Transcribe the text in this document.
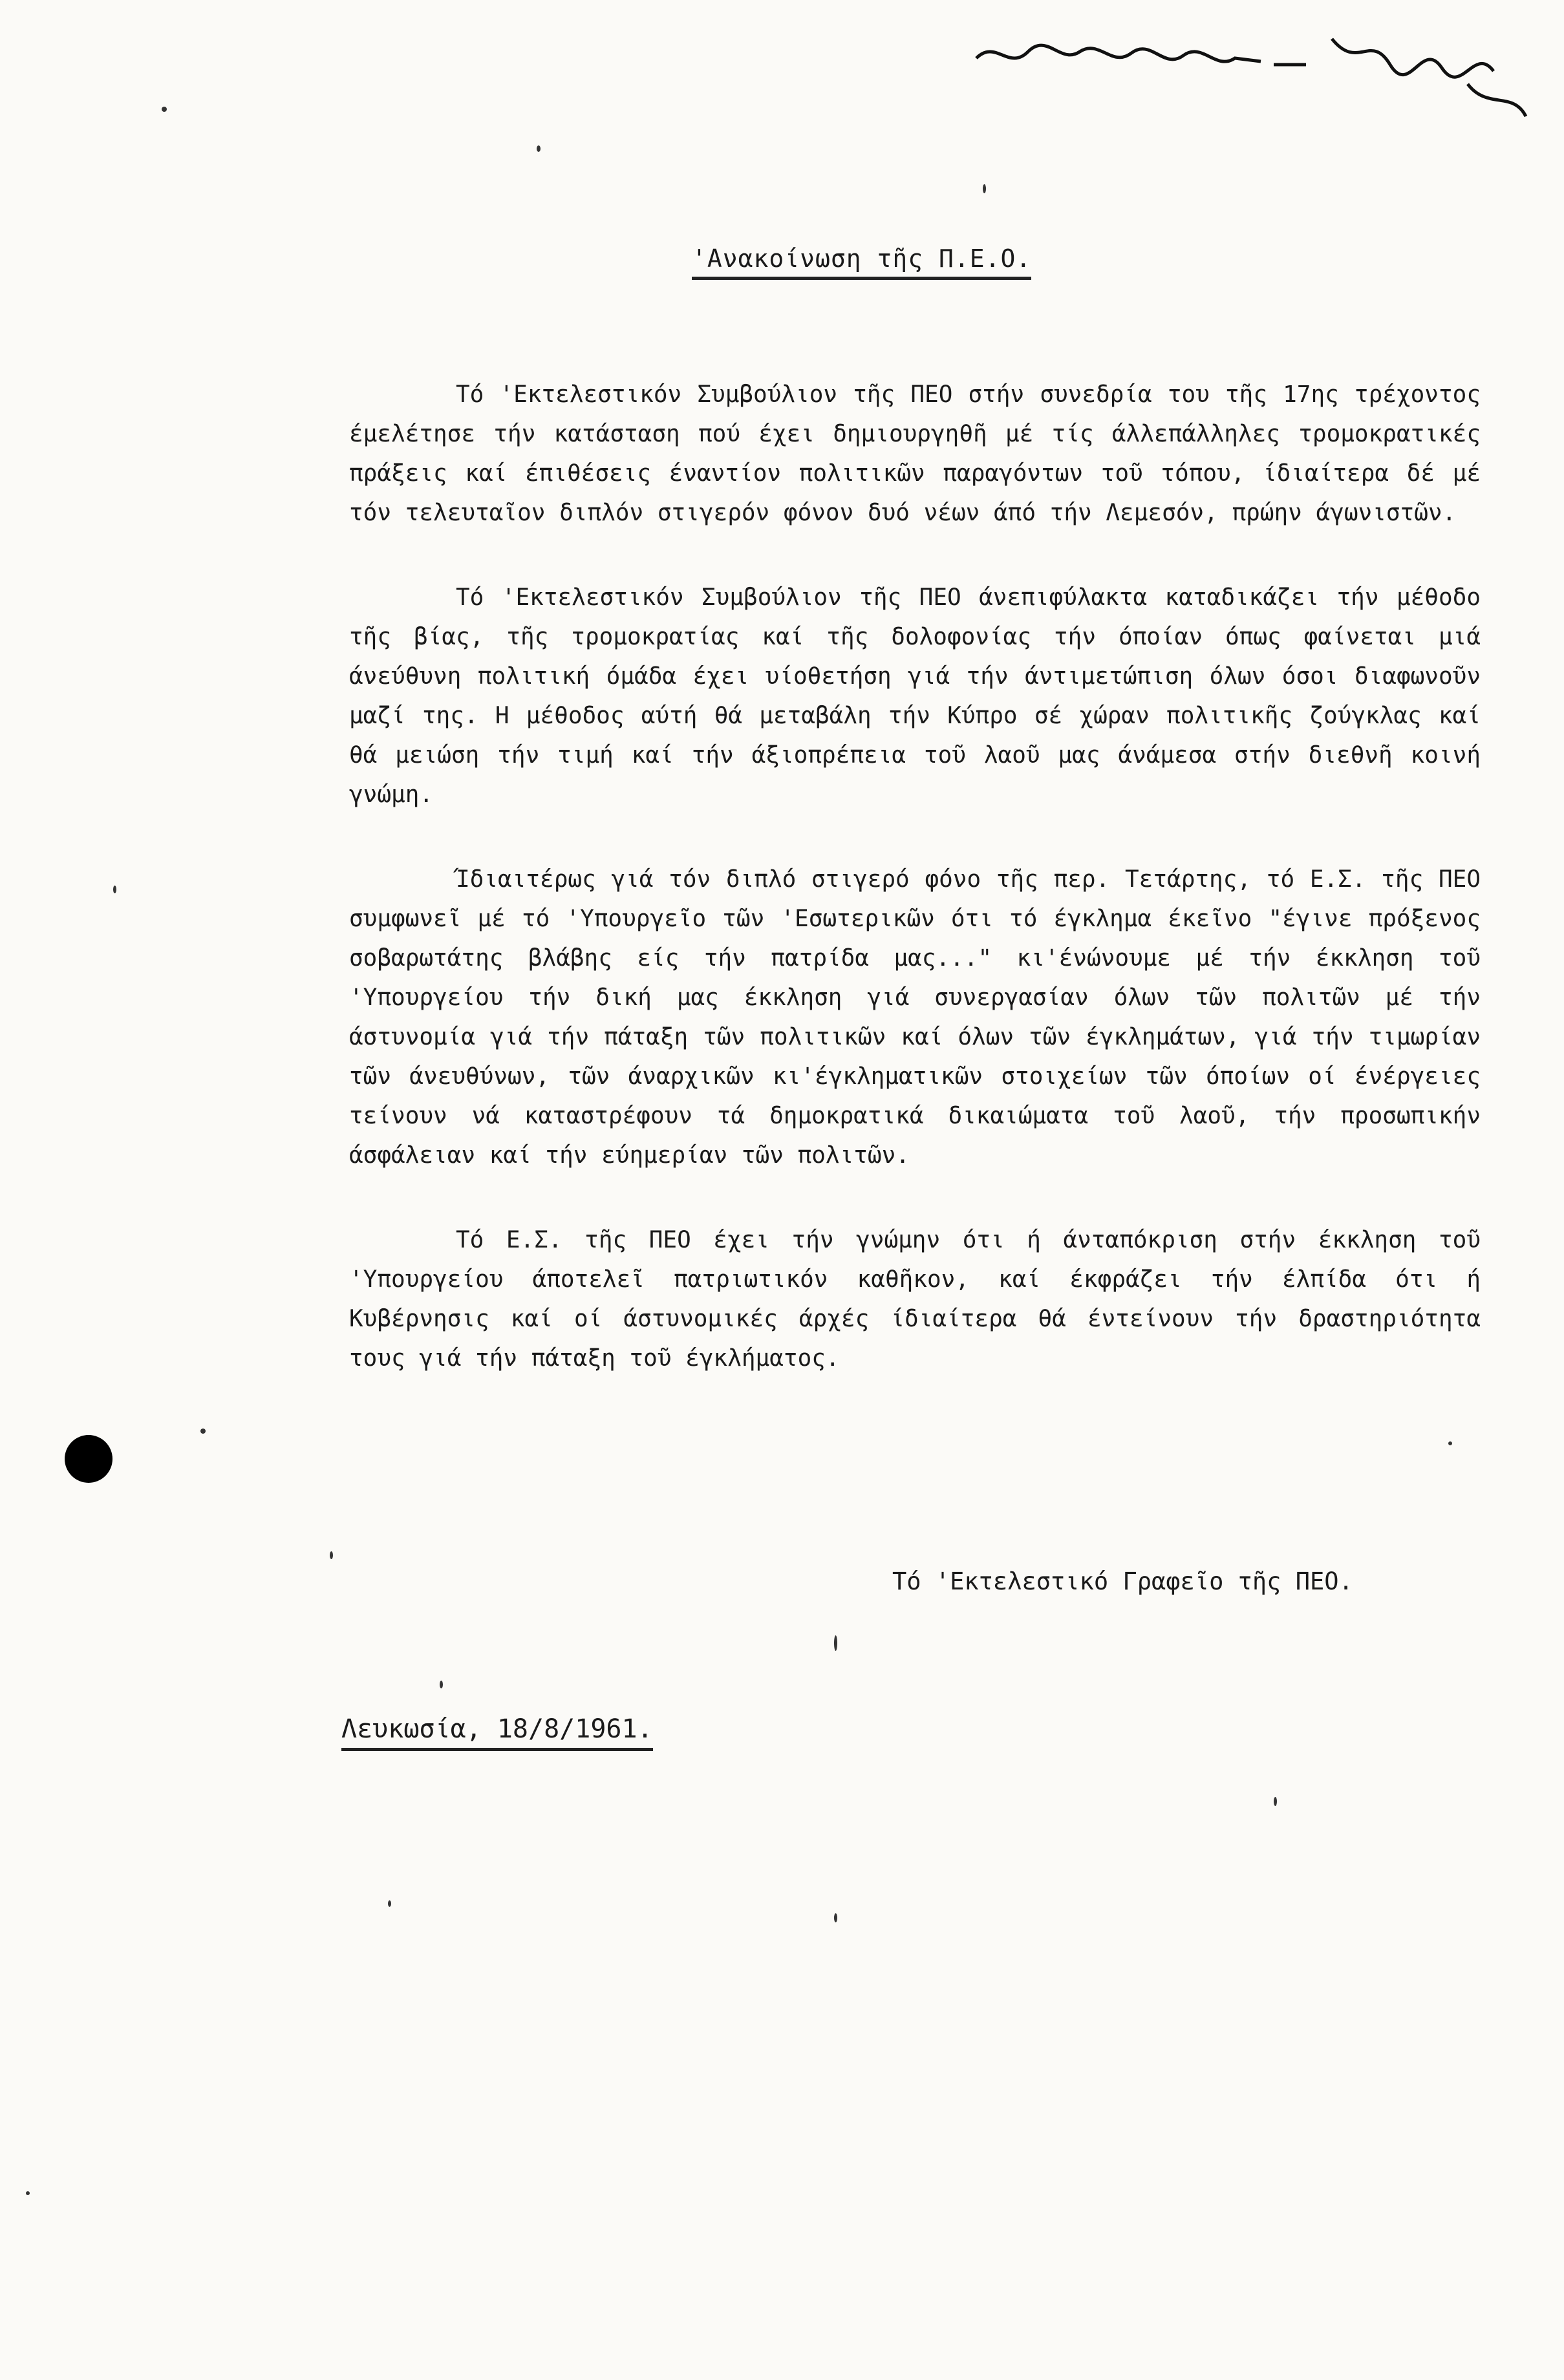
'Ανακοίνωση τῆς Π.Ε.Ο.

Τό 'Εκτελεστικόν Συμβούλιον τῆς ΠΕΟ στήν συνεδρία του τῆς 17ης τρέχοντος έμελέτησε τήν κατάσταση πού έχει δημιουργηθῆ μέ τίς άλλεπάλληλες τρομοκρατικές πράξεις καί έπιθέσεις έναντίον πολιτικῶν παραγόντων τοῦ τόπου, ίδιαίτερα δέ μέ τόν τελευταῖον διπλόν στιγερόν φόνον δυό νέων άπό τήν Λεμεσόν, πρώην άγωνιστῶν.

Τό 'Εκτελεστικόν Συμβούλιον τῆς ΠΕΟ άνεπιφύλακτα καταδικάζει τήν μέθοδο τῆς βίας, τῆς τρομοκρατίας καί τῆς δολοφονίας τήν όποίαν όπως φαίνεται μιά άνεύθυνη πολιτική όμάδα έχει υίοθετήση γιά τήν άντιμετώπιση όλων όσοι διαφωνοῦν μαζί της. Η μέθοδος αύτή θά μεταβάλη τήν Κύπρο σέ χώραν πολιτικῆς ζούγκλας καί θά μειώση τήν τιμή καί τήν άξιοπρέπεια τοῦ λαοῦ μας άνάμεσα στήν διεθνῆ κοινή γνώμη.

Ίδιαιτέρως γιά τόν διπλό στιγερό φόνο τῆς περ. Τετάρτης, τό Ε.Σ. τῆς ΠΕΟ συμφωνεῖ μέ τό 'Υπουργεῖο τῶν 'Εσωτερικῶν ότι τό έγκλημα έκεῖνο "έγινε πρόξενος σοβαρωτάτης βλάβης είς τήν πατρίδα μας..." κι'ένώνουμε μέ τήν έκκληση τοῦ 'Υπουργείου τήν δική μας έκκληση γιά συνεργασίαν όλων τῶν πολιτῶν μέ τήν άστυνομία γιά τήν πάταξη τῶν πολιτικῶν καί όλων τῶν έγκλημάτων, γιά τήν τιμωρίαν τῶν άνευθύνων, τῶν άναρχικῶν κι'έγκληματικῶν στοιχείων τῶν όποίων οί ένέργειες τείνουν νά καταστρέφουν τά δημοκρατικά δικαιώματα τοῦ λαοῦ, τήν προσωπικήν άσφάλειαν καί τήν εύημερίαν τῶν πολιτῶν.

Τό Ε.Σ. τῆς ΠΕΟ έχει τήν γνώμην ότι ή άνταπόκριση στήν έκκληση τοῦ 'Υπουργείου άποτελεῖ πατριωτικόν καθῆκον, καί έκφράζει τήν έλπίδα ότι ή Κυβέρνησις καί οί άστυνομικές άρχές ίδιαίτερα θά έντείνουν τήν δραστηριότητα τους γιά τήν πάταξη τοῦ έγκλήματος.

Τό 'Εκτελεστικό Γραφεῖο τῆς ΠΕΟ.
Λευκωσία, 18/8/1961.
